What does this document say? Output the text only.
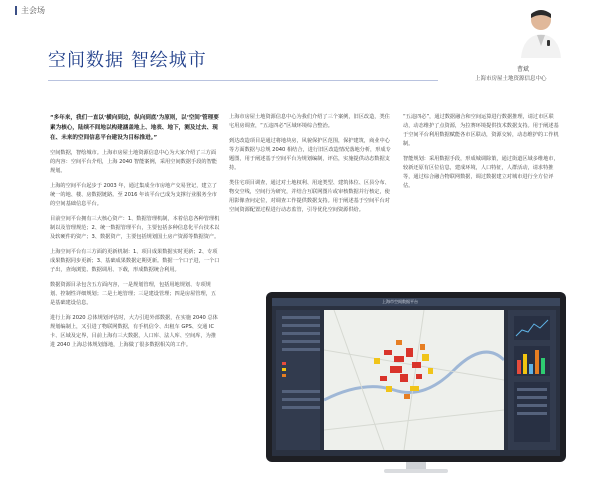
主会场
空间数据 智绘城市	曹斌
上海市房屋土地资源信息中心

“多年来，我们一直以‘横向到边，纵向到底’为原则，以‘空间’管理要素为核心，陆续不间地以构建涵盖地上、地表、地下，测及过去、现在、未来的空间信息平台建设为目标推进。”

空间数据，智绘城市。上海市房屋土地资源信息中心为大家介绍了三方面的内容：空间平台介绍，上海 2040 智能案例，采用空间数据手段的智能规划。

上海的空间平台起步于 2003 年，通过集成全市房地产交易登记，建立了统一的地、楼、房数据链路。至 2016 年该平台已成为支撑行业服务全市的空间基础信息平台。

目前空间平台拥有三大核心资产：1、数据管理机制，本着信息各种管理机制以及管理规范；2、统一数据管理平台，主要包括多种信息化平台技术以及软硬件的资产；3、数据资产，主要包括规划国土房产资源等数据资产。

上海空间平台有三方面的更新机制：1、项目成果数据实时更新；2、专项成果数据同步更新；3、基础成果数据定期更新。数据一个口子进，一个口子出，查询浏览、数据调用、下载，形成数据统合利用。

数据资源目录包含五方面内容，一是规划管理，包括用地规划、专项规划、控制性详细规划；二是土地管理；三是建设管理；四是房屋管理，五是基础建设信息。

进行上海 2020 总体规划评估时，大力引进外部数据，在实施 2040 总体规划编制上，又引进了物联网数据，有手机信令、出租车 GPS、交通 IC 卡、区域及定界，目前上海有三大数据，人口库、法人库、空间库，为推进 2040 上海总体规划落地，上海做了很多数据相关的工作。

上海市房屋土地资源信息中心为我们介绍了三个案例，旧区改造，类住宅用房调查，“五违四必”区域环境综合整治。

到达改造项目是通过将地块房，风貌保护区范围，保护建筑，商业中心等方面数据与总规 2040 相结合，进行旧区改造情况落地分析，形成专题图，用于阐述基于空间平台为规划编制，评估，实施提供动态数据支持。

类住宅项目调查，通过对土地权利、用途类型、建筑体位、区县分布、物交空线，空间行为研究，并结合互联网图片或审核数据并行核定，使用影像查问定位，对调查工作提供数据支持。用于阐述基于空间平台对空间资源配置过程进行动态监管，引导优化空间资源供给。

“五违四必”，通过数据融合和空间运算进行数据推理，请过市区联动，动态维护了点资源，为拉赛环境提供技术数据支持。用于阐述基于空间平台利用数据赋能各市区联动，资源交转，动态维护的工作机制。

智能规划：采用数据手段，形成城调除策，通过街道区域多维地市，较新还原有区位信息，建成环境，人口特征，人群活动，请求特推等，通过综合融合物联网数据，调过数据建立对城市进行全方位评估。

上海市空间数据平台
